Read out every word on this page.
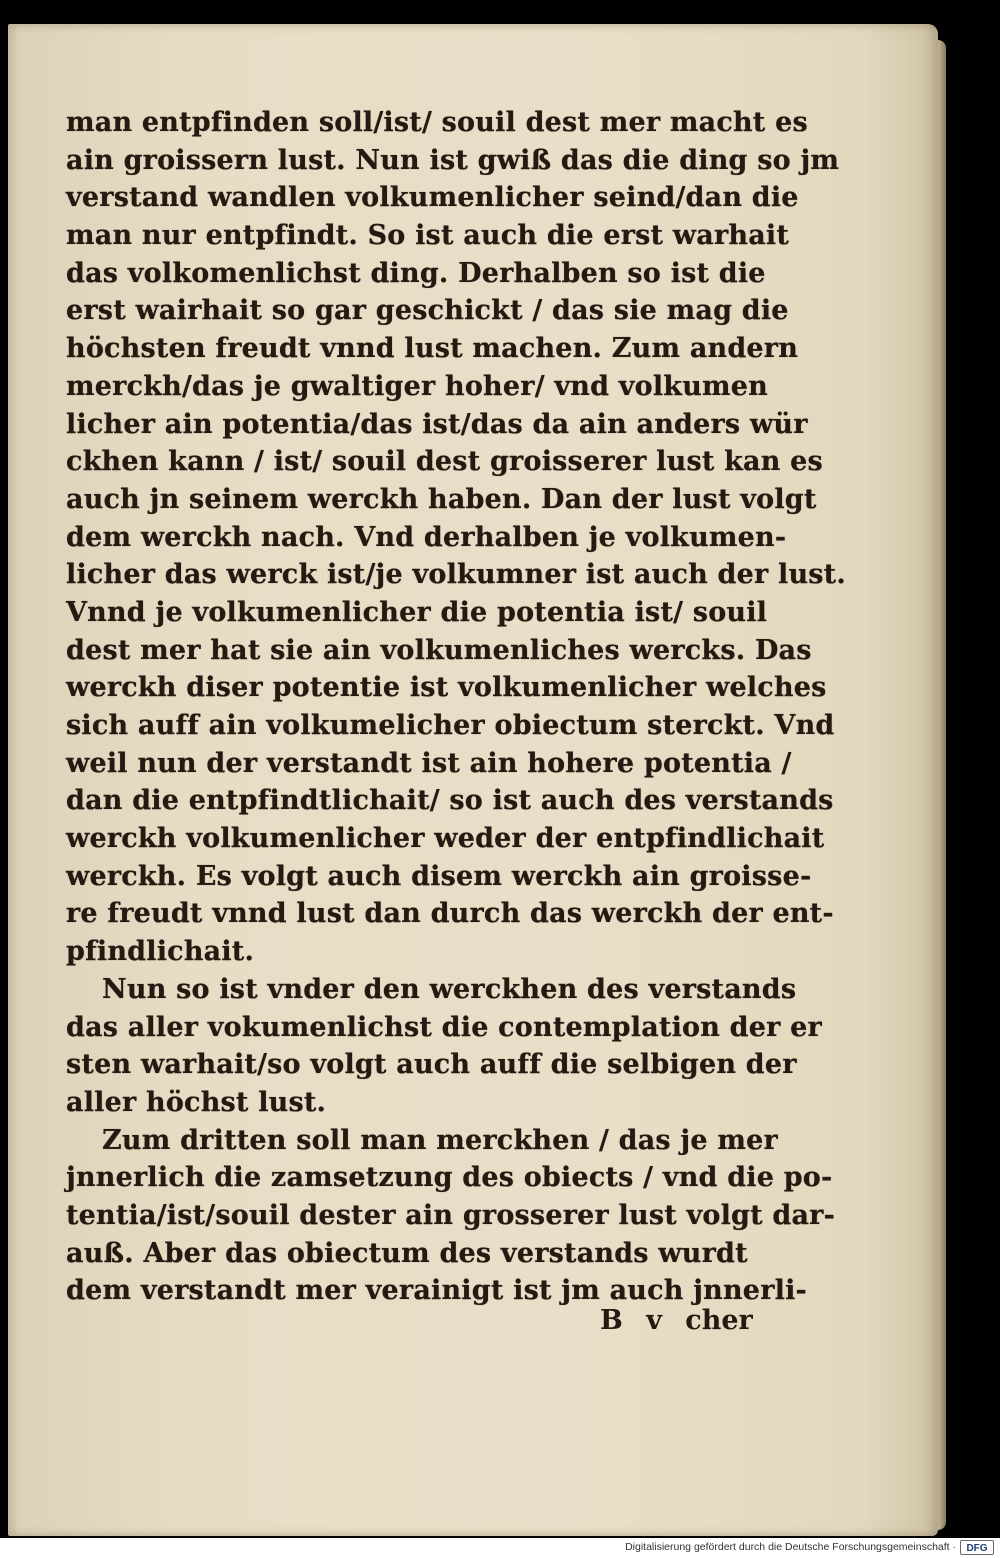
man entpfinden soll/ist/ souil dest mer macht es
ain groissern lust. Nun ist gwiß das die ding so jm
verstand wandlen volkumenlicher seind/dan die
man nur entpfindt. So ist auch die erst warhait
das volkomenlichst ding. Derhalben so ist die
erst wairhait so gar geschickt / das sie mag die
höchsten freudt vnnd lust machen. Zum andern
merckh/das je gwaltiger hoher/ vnd volkumen
licher ain potentia/das ist/das da ain anders wür
ckhen kann / ist/ souil dest groisserer lust kan es
auch jn seinem werckh haben. Dan der lust volgt
dem werckh nach. Vnd derhalben je volkumen-
licher das werck ist/je volkumner ist auch der lust.
Vnnd je volkumenlicher die potentia ist/ souil
dest mer hat sie ain volkumenliches wercks. Das
werckh diser potentie ist volkumenlicher welches
sich auff ain volkumelicher obiectum sterckt. Vnd
weil nun der verstandt ist ain hohere potentia /
dan die entpfindtlichait/ so ist auch des verstands
werckh volkumenlicher weder der entpfindlichait
werckh. Es volgt auch disem werckh ain groisse-
re freudt vnnd lust dan durch das werckh der ent-
pfindlichait.
Nun so ist vnder den werckhen des verstands
das aller vokumenlichst die contemplation der er
sten warhait/so volgt auch auff die selbigen der
aller höchst lust.
Zum dritten soll man merckhen / das je mer
jnnerlich die zamsetzung des obiects / vnd die po-
tentia/ist/souil dester ain grosserer lust volgt dar-
auß. Aber das obiectum des verstands wurdt
dem verstandt mer verainigt ist jm auch jnnerli-
B v cher
Digitalisierung gefördert durch die Deutsche Forschungsgemeinschaft ·	DFG
